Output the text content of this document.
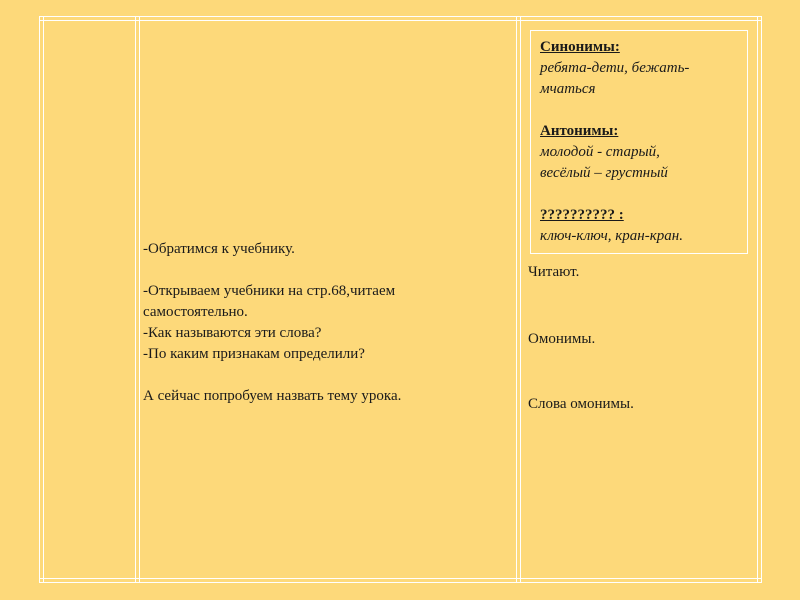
-Обратимся к учебнику.

-Открываем учебники на стр.68,читаем

самостоятельно.

-Как называются эти слова?

-По каким признакам определили?

А сейчас попробуем назвать тему урока.

Синонимы:

ребята-дети, бежать-

мчаться

Антонимы:

молодой - старый,

весёлый – грустный

?????????? :

ключ-ключ, кран-кран.

Читают.

Омонимы.

Слова омонимы.
